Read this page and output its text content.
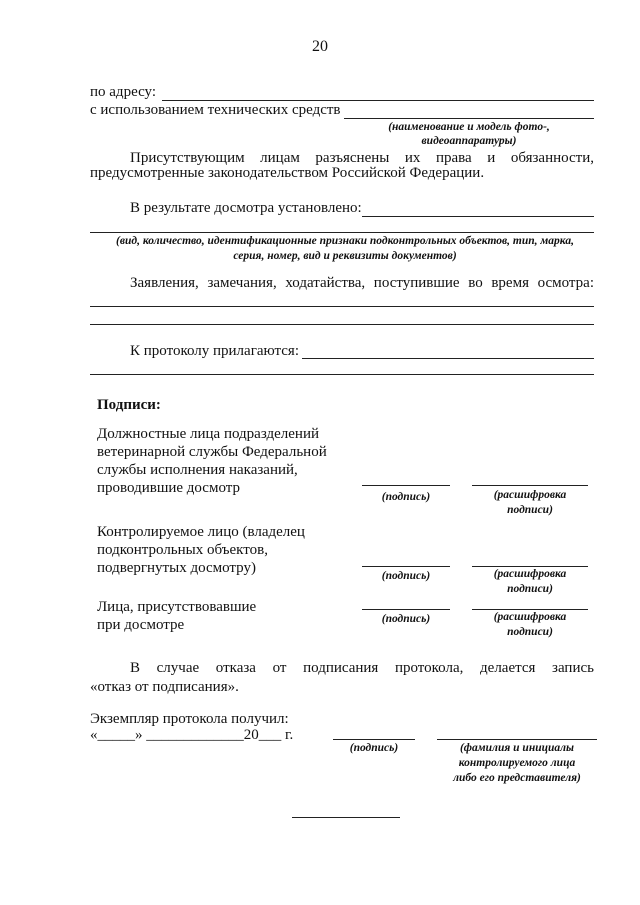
20
по адресу:
с использованием технических средств
(наименование и модель фото-,
видеоаппаратуры)
Присутствующим лицам разъяснены их права и обязанности,
предусмотренные законодательством Российской Федерации.
В результате досмотра установлено:
(вид, количество, идентификационные признаки подконтрольных объектов, тип, марка,
серия, номер, вид и реквизиты документов)
Заявления, замечания, ходатайства, поступившие во время осмотра:
К протоколу прилагаются:
Подписи:
Должностные лица подразделений
ветеринарной службы Федеральной
службы исполнения наказаний,
проводившие досмотр
(подпись)	(расшифровка
подписи)
Контролируемое лицо (владелец
подконтрольных объектов,
подвергнутых досмотру)	(подпись)	(расшифровка
подписи)
Лица, присутствовавшие
при досмотре	(подпись)	(расшифровка
подписи)
В случае отказа от подписания протокола, делается запись
«отказ от подписания».
Экземпляр протокола получил:
«_____» _____________20___ г.
(подпись)	(фамилия и инициалы
контролируемого лица
либо его представителя)
